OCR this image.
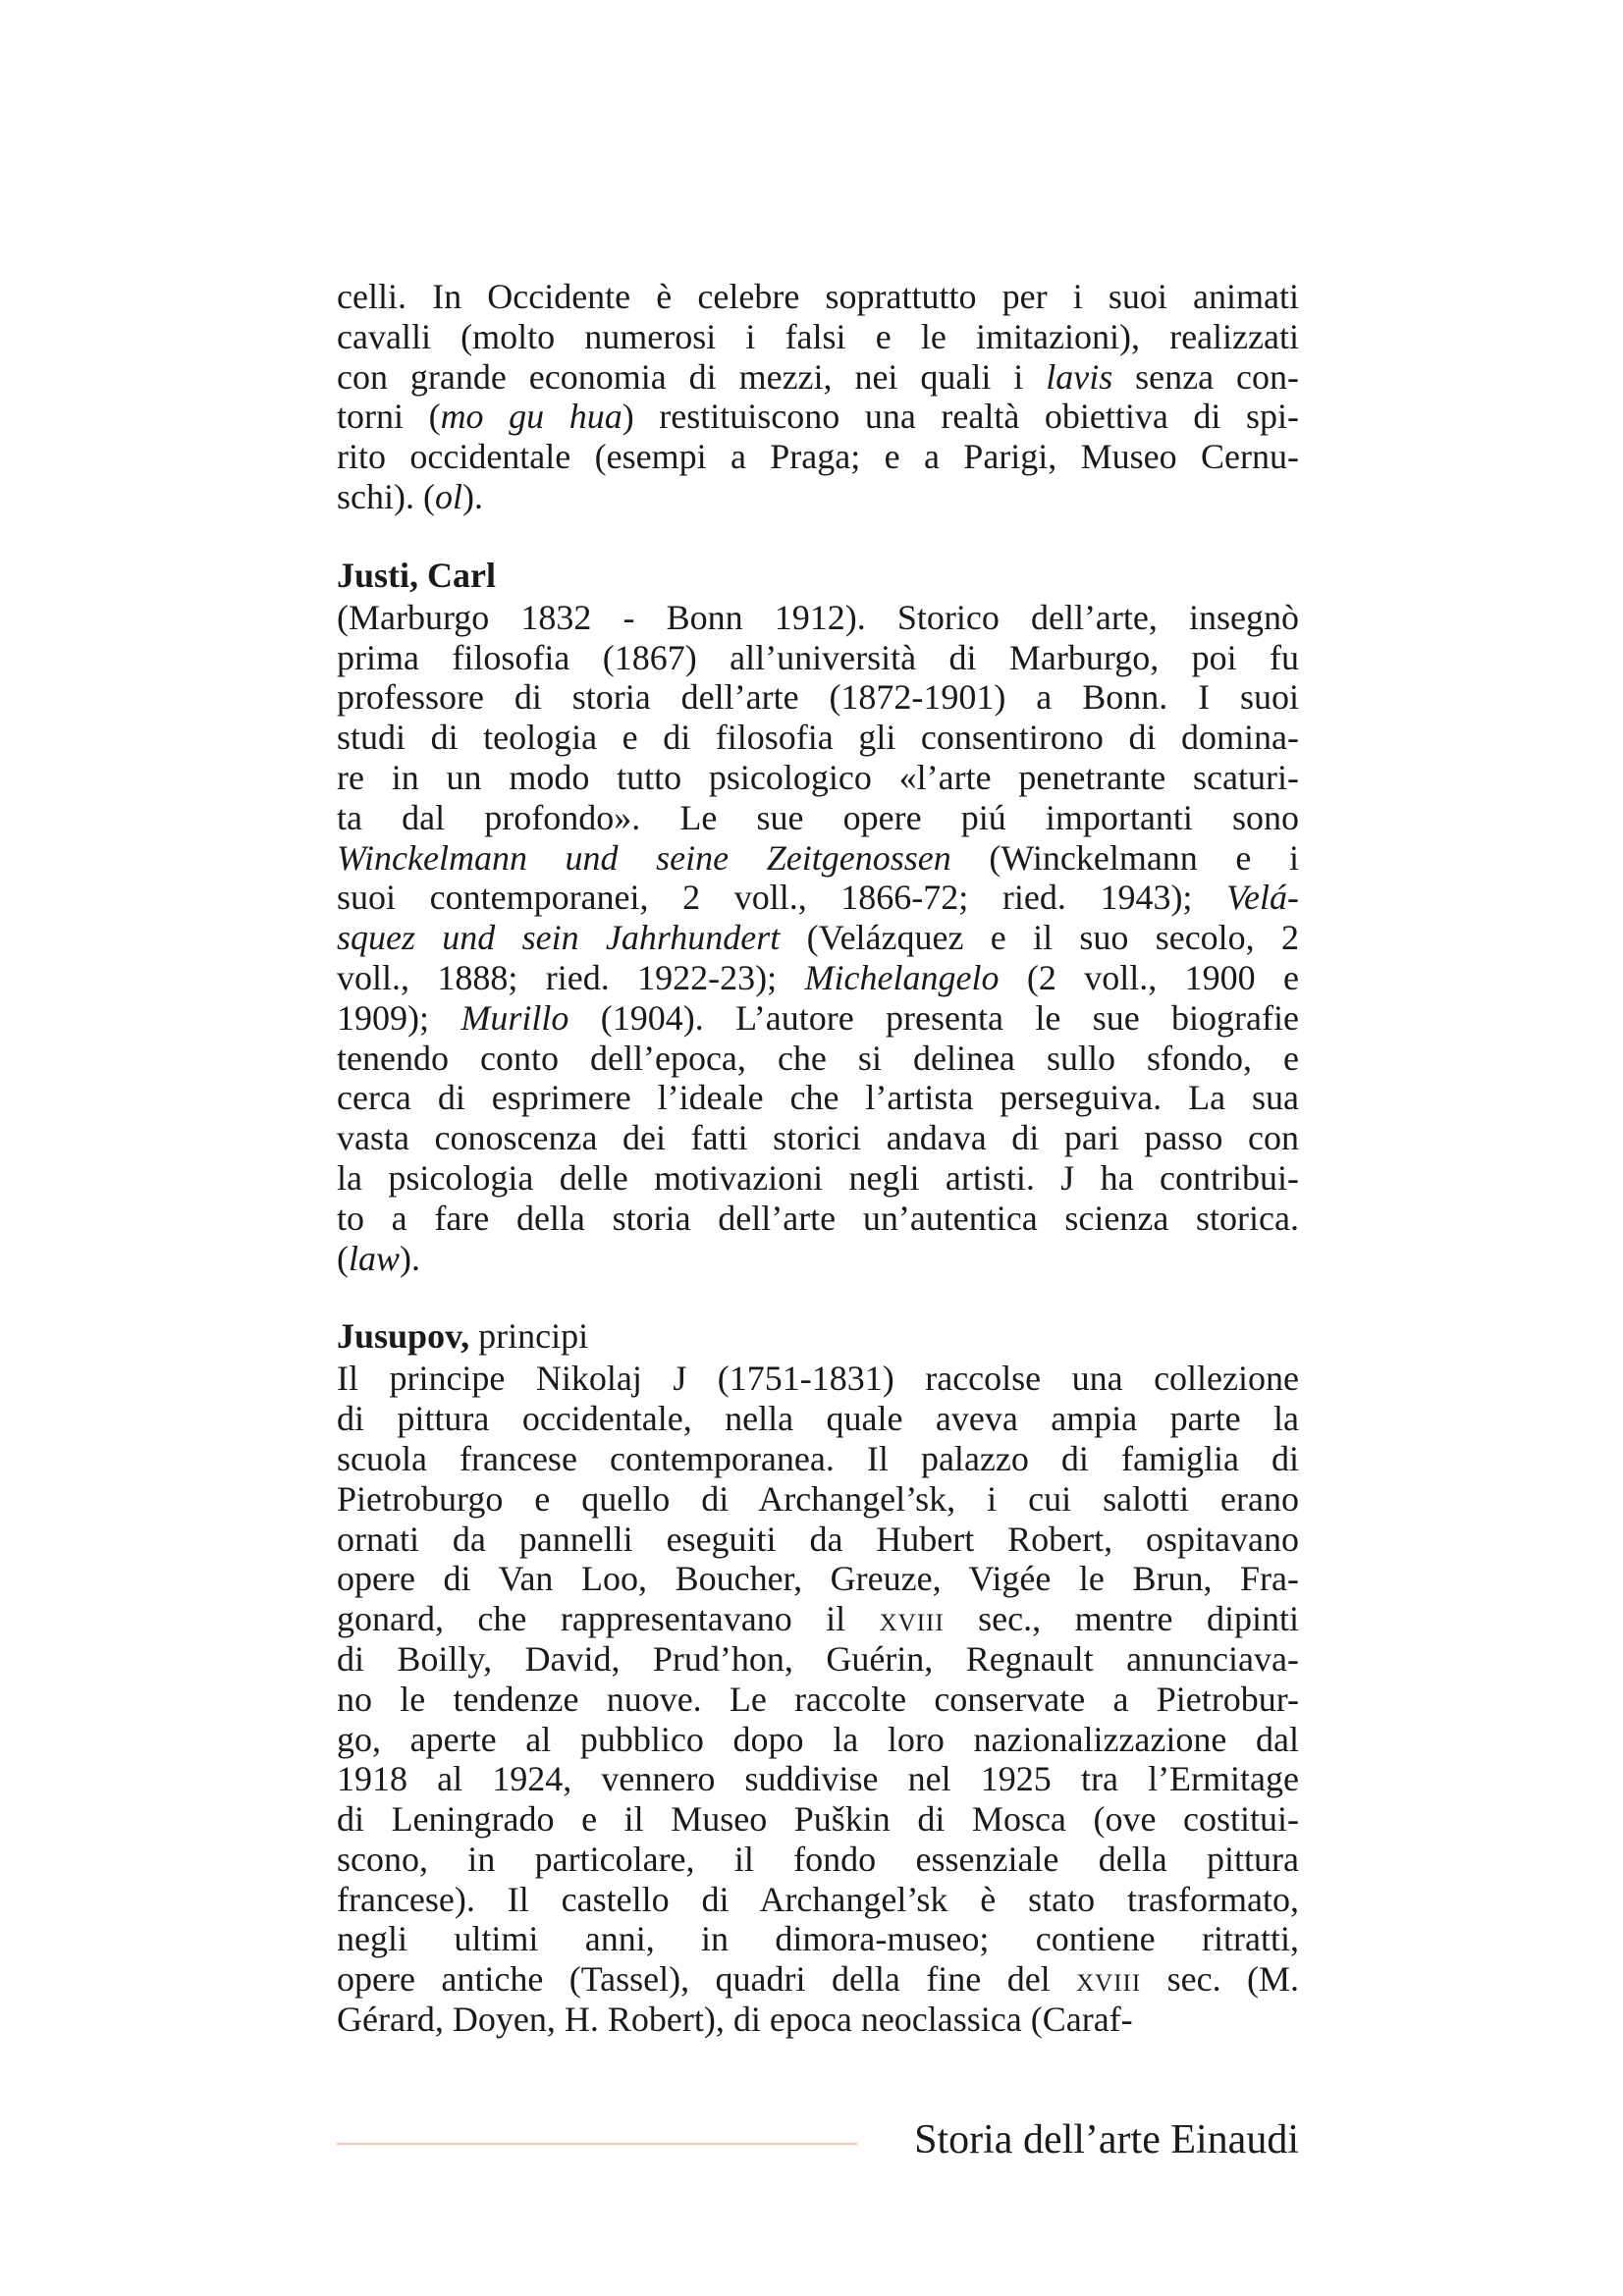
celli. In Occidente è celebre soprattutto per i suoi animati
cavalli (molto numerosi i falsi e le imitazioni), realizzati
con grande economia di mezzi, nei quali i lavis senza con-
torni (mo gu hua) restituiscono una realtà obiettiva di spi-
rito occidentale (esempi a Praga; e a Parigi, Museo Cernu-
schi). (ol).

Justi, Carl

(Marburgo 1832 - Bonn 1912). Storico dell’arte, insegnò
prima filosofia (1867) all’università di Marburgo, poi fu
professore di storia dell’arte (1872-1901) a Bonn. I suoi
studi di teologia e di filosofia gli consentirono di domina-
re in un modo tutto psicologico «l’arte penetrante scaturi-
ta dal profondo». Le sue opere piú importanti sono
Winckelmann und seine Zeitgenossen (Winckelmann e i
suoi contemporanei, 2 voll., 1866-72; ried. 1943); Velá-
squez und sein Jahrhundert (Velázquez e il suo secolo, 2
voll., 1888; ried. 1922-23); Michelangelo (2 voll., 1900 e
1909); Murillo (1904). L’autore presenta le sue biografie
tenendo conto dell’epoca, che si delinea sullo sfondo, e
cerca di esprimere l’ideale che l’artista perseguiva. La sua
vasta conoscenza dei fatti storici andava di pari passo con
la psicologia delle motivazioni negli artisti. J ha contribui-
to a fare della storia dell’arte un’autentica scienza storica.
(law).

Jusupov, principi

Il principe Nikolaj J (1751-1831) raccolse una collezione
di pittura occidentale, nella quale aveva ampia parte la
scuola francese contemporanea. Il palazzo di famiglia di
Pietroburgo e quello di Archangel’sk, i cui salotti erano
ornati da pannelli eseguiti da Hubert Robert, ospitavano
opere di Van Loo, Boucher, Greuze, Vigée le Brun, Fra-
gonard, che rappresentavano il xviii sec., mentre dipinti
di Boilly, David, Prud’hon, Guérin, Regnault annunciava-
no le tendenze nuove. Le raccolte conservate a Pietrobur-
go, aperte al pubblico dopo la loro nazionalizzazione dal
1918 al 1924, vennero suddivise nel 1925 tra l’Ermitage
di Leningrado e il Museo Puškin di Mosca (ove costitui-
scono, in particolare, il fondo essenziale della pittura
francese). Il castello di Archangel’sk è stato trasformato,
negli ultimi anni, in dimora-museo; contiene ritratti,
opere antiche (Tassel), quadri della fine del xviii sec. (M.
Gérard, Doyen, H. Robert), di epoca neoclassica (Caraf-
Storia dell’arte Einaudi
